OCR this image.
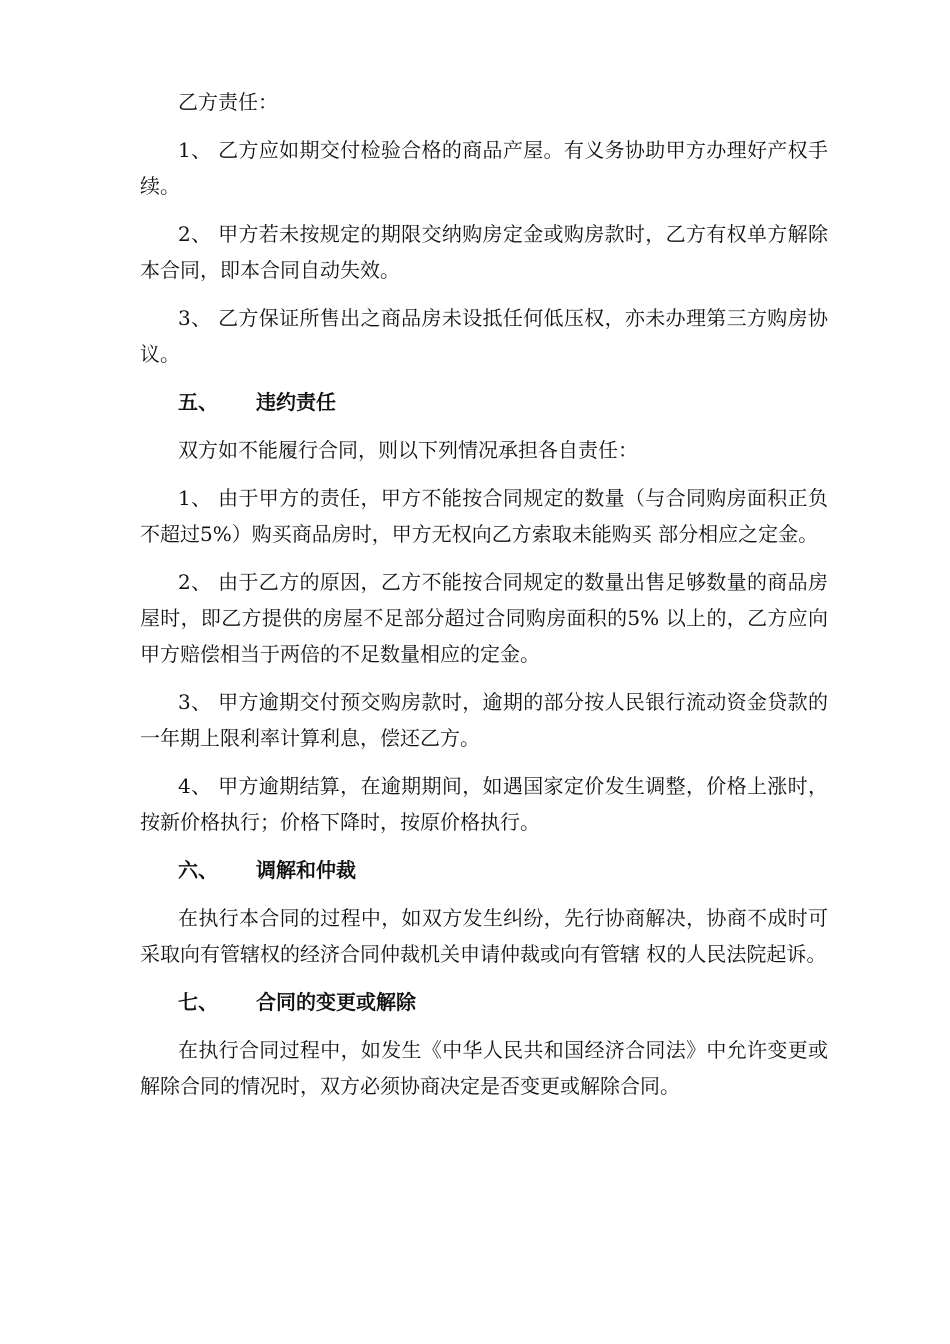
乙方责任：

1、 乙方应如期交付检验合格的商品产屋。有义务协助甲方办理好产权手续。

2、 甲方若未按规定的期限交纳购房定金或购房款时，乙方有权单方解除本合同，即本合同自动失效。

3、 乙方保证所售出之商品房未设抵任何低压权，亦未办理第三方购房协议。

五、 违约责任

双方如不能履行合同，则以下列情况承担各自责任：

1、 由于甲方的责任，甲方不能按合同规定的数量（与合同购房面积正负不超过5%）购买商品房时，甲方无权向乙方索取未能购买 部分相应之定金。

2、 由于乙方的原因，乙方不能按合同规定的数量出售足够数量的商品房屋时，即乙方提供的房屋不足部分超过合同购房面积的5% 以上的，乙方应向甲方赔偿相当于两倍的不足数量相应的定金。

3、 甲方逾期交付预交购房款时，逾期的部分按人民银行流动资金贷款的一年期上限利率计算利息，偿还乙方。

4、 甲方逾期结算，在逾期期间，如遇国家定价发生调整，价格上涨时，按新价格执行；价格下降时，按原价格执行。

六、 调解和仲裁

在执行本合同的过程中，如双方发生纠纷，先行协商解决，协商不成时可采取向有管辖权的经济合同仲裁机关申请仲裁或向有管辖 权的人民法院起诉。

七、 合同的变更或解除

在执行合同过程中，如发生《中华人民共和国经济合同法》中允许变更或解除合同的情况时，双方必须协商决定是否变更或解除合同。
